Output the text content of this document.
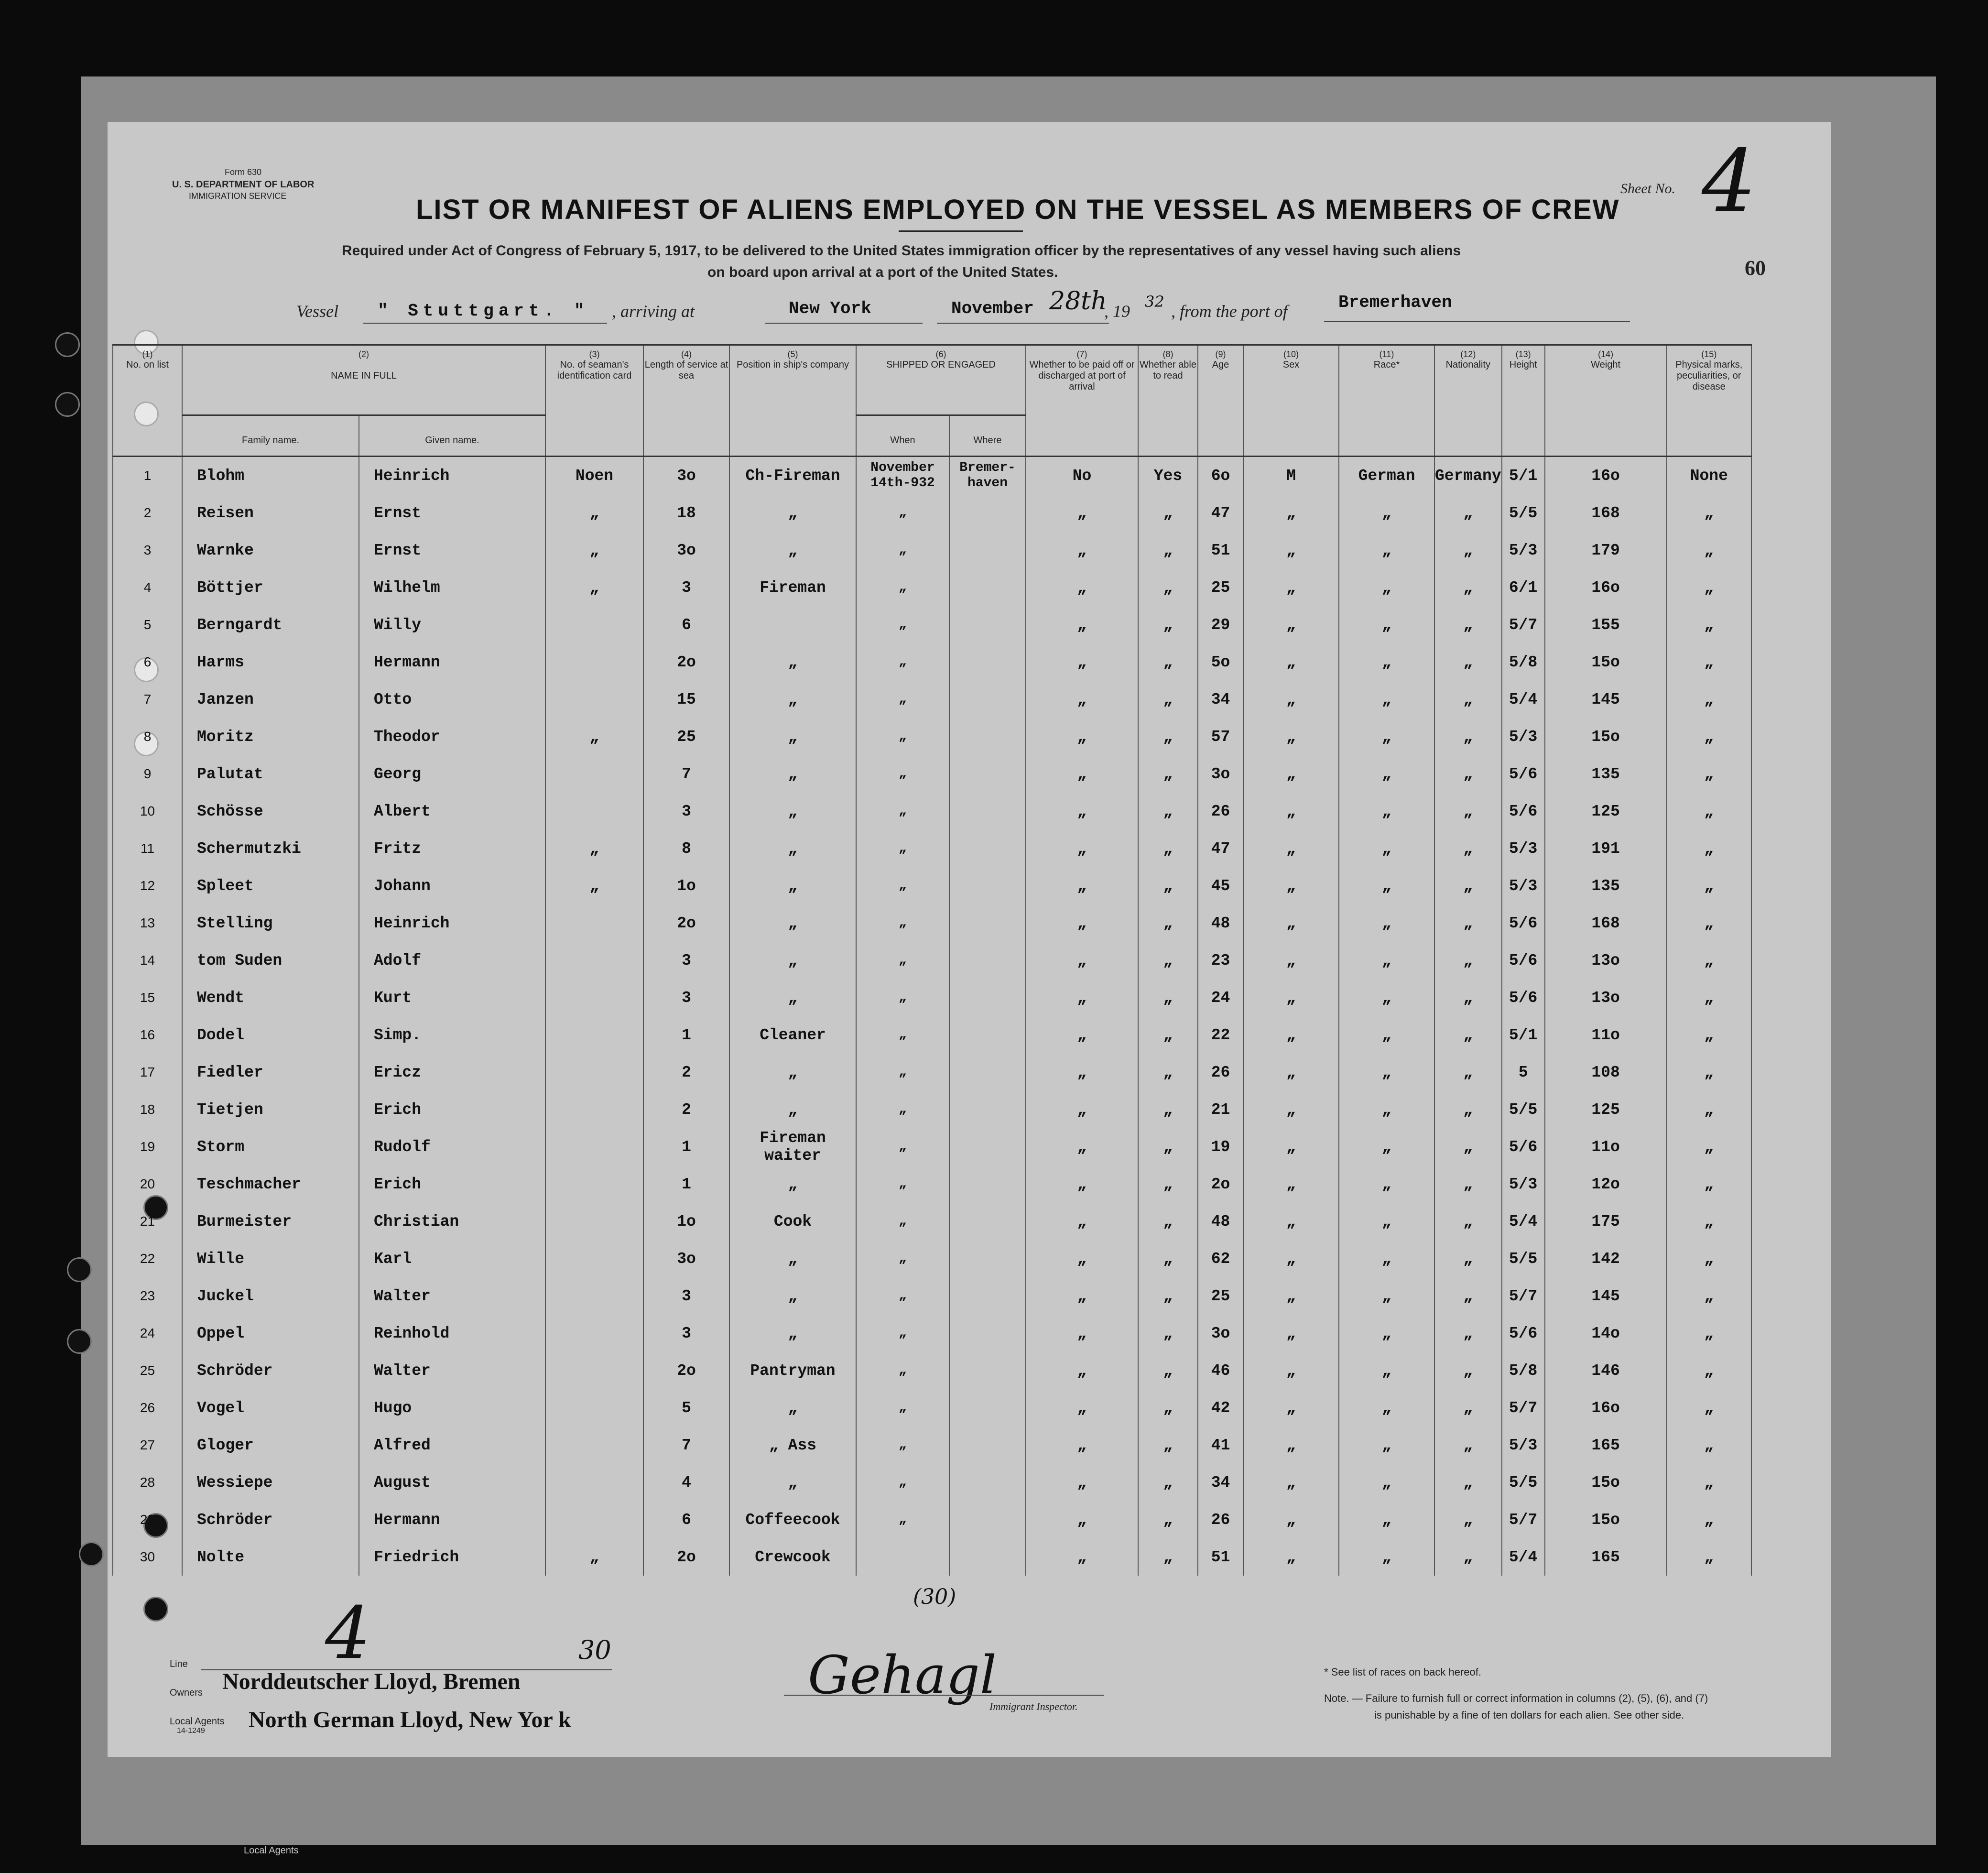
Form 630
U. S. DEPARTMENT OF LABOR
IMMIGRATION SERVICE	LIST OR MANIFEST OF ALIENS EMPLOYED ON THE VESSEL AS MEMBERS OF CREW
Required under Act of Congress of February 5, 1917, to be delivered to the United States immigration officer by the representatives of any vessel having such aliens
on board upon arrival at a port of the United States.
Sheet No. 4
60
Vessel " Stuttgart. " , arriving at	New York	November 28th
, 19 32 , from the port of	Bremerhaven
(1)
No. on list	(2)

NAME IN FULL		(3)
No. of seaman's identification card	(4)
Length of service at sea	(5)
Position in ship's company	(6)
SHIPPED OR ENGAGED		(7)
Whether to be paid off or discharged at port of arrival	(8)
Whether able to read	(9)
Age	(10)
Sex	(11)
Race*	(12)
Nationality	(13)
Height	(14)
Weight	(15)
Physical marks, peculiarities, or disease
	Family name.	Given name.				When	Where									
1	Blohm	Heinrich	Noen	3o	Ch-Fireman	November 14th-932	Bremer-haven	No	Yes	6o	M	German	Germany	5/1	16o	None
2	Reisen	Ernst	„	18	„	„		„	„	47	„	„	„	5/5	168	„
3	Warnke	Ernst	„	3o	„	„		„	„	51	„	„	„	5/3	179	„
4	Böttjer	Wilhelm	„	3	Fireman	„		„	„	25	„	„	„	6/1	16o	„
5	Berngardt	Willy		6		„		„	„	29	„	„	„	5/7	155	„
6	Harms	Hermann		2o	„	„		„	„	5o	„	„	„	5/8	15o	„
7	Janzen	Otto		15	„	„		„	„	34	„	„	„	5/4	145	„
8	Moritz	Theodor	„	25	„	„		„	„	57	„	„	„	5/3	15o	„
9	Palutat	Georg		7	„	„		„	„	3o	„	„	„	5/6	135	„
10	Schösse	Albert		3	„	„		„	„	26	„	„	„	5/6	125	„
11	Schermutzki	Fritz	„	8	„	„		„	„	47	„	„	„	5/3	191	„
12	Spleet	Johann	„	1o	„	„		„	„	45	„	„	„	5/3	135	„
13	Stelling	Heinrich		2o	„	„		„	„	48	„	„	„	5/6	168	„
14	tom Suden	Adolf		3	„	„		„	„	23	„	„	„	5/6	13o	„
15	Wendt	Kurt		3	„	„		„	„	24	„	„	„	5/6	13o	„
16	Dodel	Simp.		1	Cleaner	„		„	„	22	„	„	„	5/1	11o	„
17	Fiedler	Ericz		2	„	„		„	„	26	„	„	„	5	108	„
18	Tietjen	Erich		2	„	„		„	„	21	„	„	„	5/5	125	„
19	Storm	Rudolf		1	Fireman waiter	„		„	„	19	„	„	„	5/6	11o	„
20	Teschmacher	Erich		1	„	„		„	„	2o	„	„	„	5/3	12o	„
21	Burmeister	Christian		1o	Cook	„		„	„	48	„	„	„	5/4	175	„
22	Wille	Karl		3o	„	„		„	„	62	„	„	„	5/5	142	„
23	Juckel	Walter		3	„	„		„	„	25	„	„	„	5/7	145	„
24	Oppel	Reinhold		3	„	„		„	„	3o	„	„	„	5/6	14o	„
25	Schröder	Walter		2o	Pantryman	„		„	„	46	„	„	„	5/8	146	„
26	Vogel	Hugo		5	„	„		„	„	42	„	„	„	5/7	16o	„
27	Gloger	Alfred		7	„ Ass	„		„	„	41	„	„	„	5/3	165	„
28	Wessiepe	August		4	„	„		„	„	34	„	„	„	5/5	15o	„
29	Schröder	Hermann		6	Coffeecook	„		„	„	26	„	„	„	5/7	15o	„
30	Nolte	Friedrich	„	2o	Crewcook			„	„	51	„	„	„	5/4	165	„
(30)
4	30
Line
Owners Norddeutscher Lloyd, Bremen
Local Agents
14-1249 North German Lloyd, New Yor k
Gehagl
Immigrant Inspector.
* See list of races on back hereof.
Note. — Failure to furnish full or correct information in columns (2), (5), (6), and (7)
is punishable by a fine of ten dollars for each alien. See other side.
Local Agents
